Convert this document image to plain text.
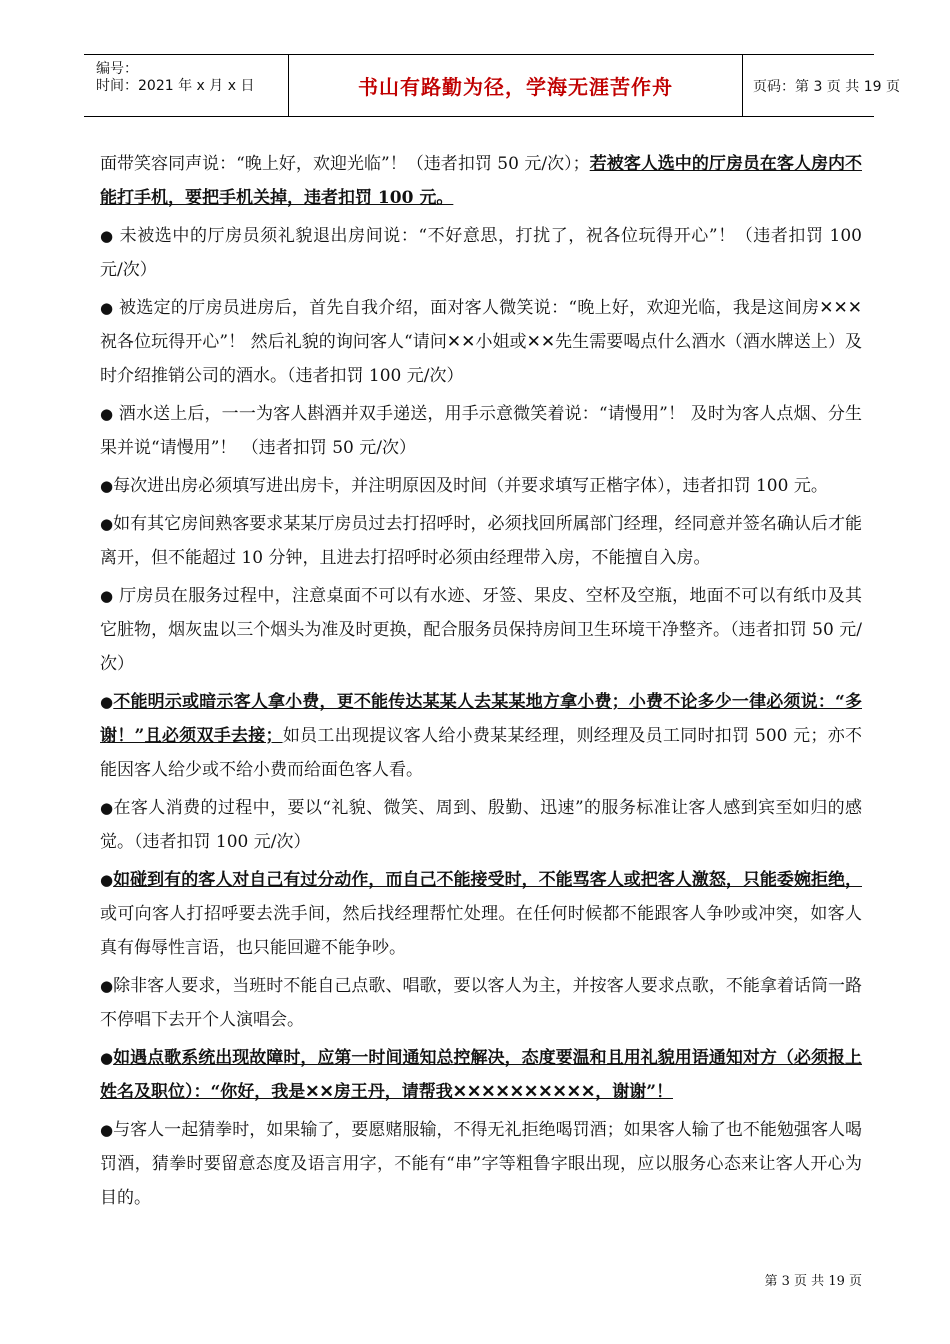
编号：
时间：2021 年 x 月 x 日	书山有路勤为径，学海无涯苦作舟	页码：第 3 页 共 19 页

面带笑容同声说：“晚上好，欢迎光临”！（违者扣罚 50 元/次）；若被客人选中的厅房员在客人房内不能打手机，要把手机关掉，违者扣罚 100 元。

● 未被选中的厅房员须礼貌退出房间说：“不好意思，打扰了，祝各位玩得开心”！（违者扣罚 100 元/次）

● 被选定的厅房员进房后，首先自我介绍，面对客人微笑说：“晚上好，欢迎光临，我是这间房✕✕✕祝各位玩得开心”！ 然后礼貌的询问客人“请问✕✕小姐或✕✕先生需要喝点什么酒水（酒水牌送上）及时介绍推销公司的酒水。（违者扣罚 100 元/次）

● 酒水送上后，一一为客人斟酒并双手递送，用手示意微笑着说：“请慢用”！ 及时为客人点烟、分生果并说“请慢用”！ （违者扣罚 50 元/次）

●每次进出房必须填写进出房卡，并注明原因及时间（并要求填写正楷字体），违者扣罚 100 元。

●如有其它房间熟客要求某某厅房员过去打招呼时，必须找回所属部门经理，经同意并签名确认后才能离开，但不能超过 10 分钟，且进去打招呼时必须由经理带入房，不能擅自入房。

● 厅房员在服务过程中，注意桌面不可以有水迹、牙签、果皮、空杯及空瓶，地面不可以有纸巾及其它脏物，烟灰盅以三个烟头为准及时更换，配合服务员保持房间卫生环境干净整齐。（违者扣罚 50 元/次）

●不能明示或暗示客人拿小费，更不能传达某某人去某某地方拿小费；小费不论多少一律必须说：“多谢！”且必须双手去接；如员工出现提议客人给小费某某经理，则经理及员工同时扣罚 500 元；亦不能因客人给少或不给小费而给面色客人看。

●在客人消费的过程中，要以“礼貌、微笑、周到、殷勤、迅速”的服务标准让客人感到宾至如归的感觉。（违者扣罚 100 元/次）

●如碰到有的客人对自己有过分动作，而自己不能接受时，不能骂客人或把客人激怒，只能委婉拒绝，或可向客人打招呼要去洗手间，然后找经理帮忙处理。在任何时候都不能跟客人争吵或冲突，如客人真有侮辱性言语，也只能回避不能争吵。

●除非客人要求，当班时不能自己点歌、唱歌，要以客人为主，并按客人要求点歌，不能拿着话筒一路不停唱下去开个人演唱会。

●如遇点歌系统出现故障时，应第一时间通知总控解决，态度要温和且用礼貌用语通知对方（必须报上姓名及职位）：“你好，我是✕✕房王丹，请帮我✕✕✕✕✕✕✕✕✕✕，谢谢”！

●与客人一起猜拳时，如果输了，要愿赌服输，不得无礼拒绝喝罚酒；如果客人输了也不能勉强客人喝罚酒，猜拳时要留意态度及语言用字，不能有“串”字等粗鲁字眼出现，应以服务心态来让客人开心为目的。

第 3 页 共 19 页
